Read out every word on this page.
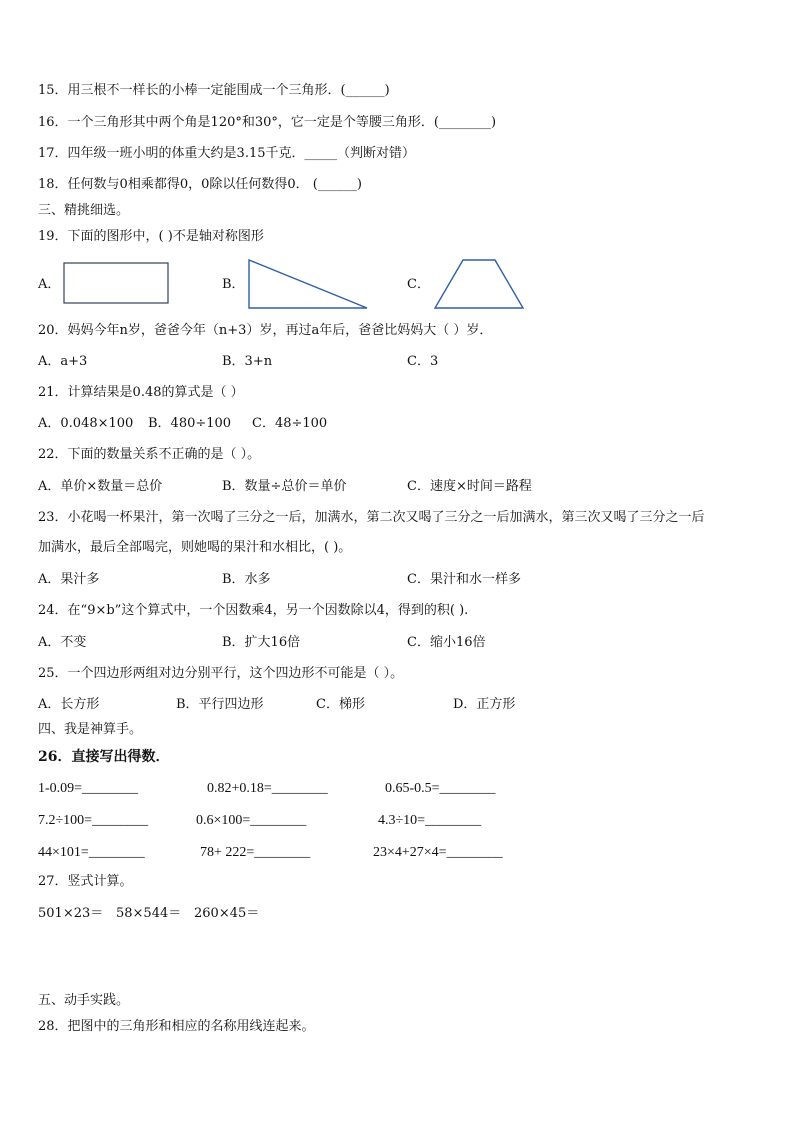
15．用三根不一样长的小棒一定能围成一个三角形．(______)
16．一个三角形其中两个角是120°和30°，它一定是个等腰三角形．(________)
17．四年级一班小明的体重大约是3.15千克．_____（判断对错）
18．任何数与0相乘都得0，0除以任何数得0． (______)
三、精挑细选。
19．下面的图形中，( )不是轴对称图形
A．	B．	C．
20．妈妈今年n岁，爸爸今年（n+3）岁，再过a年后，爸爸比妈妈大（ ）岁．
A．a+3	B．3+n	C．3
21．计算结果是0.48的算式是（ ）
A．0.048×100 B．480÷100 C．48÷100
22．下面的数量关系不正确的是（ ）。
A．单价×数量＝总价	B．数量÷总价＝单价	C．速度×时间＝路程
23．小花喝一杯果汁，第一次喝了三分之一后，加满水，第二次又喝了三分之一后加满水，第三次又喝了三分之一后
加满水，最后全部喝完，则她喝的果汁和水相比，( )。
A．果汁多	B．水多	C．果汁和水一样多
24．在“9×b”这个算式中，一个因数乘4，另一个因数除以4，得到的积( ).
A．不变	B．扩大16倍	C．缩小16倍
25．一个四边形两组对边分别平行，这个四边形不可能是（ ）。
A．长方形	B．平行四边形	C．梯形	D．正方形
四、我是神算手。
26．直接写出得数．
1-0.09=________	0.82+0.18=________	0.65-0.5=________
7.2÷100=________	0.6×100=________	4.3÷10=________
44×101=________	78+ 222=________	23×4+27×4=________
27．竖式计算。
501×23＝ 58×544＝ 260×45＝
五、动手实践。
28．把图中的三角形和相应的名称用线连起来。
